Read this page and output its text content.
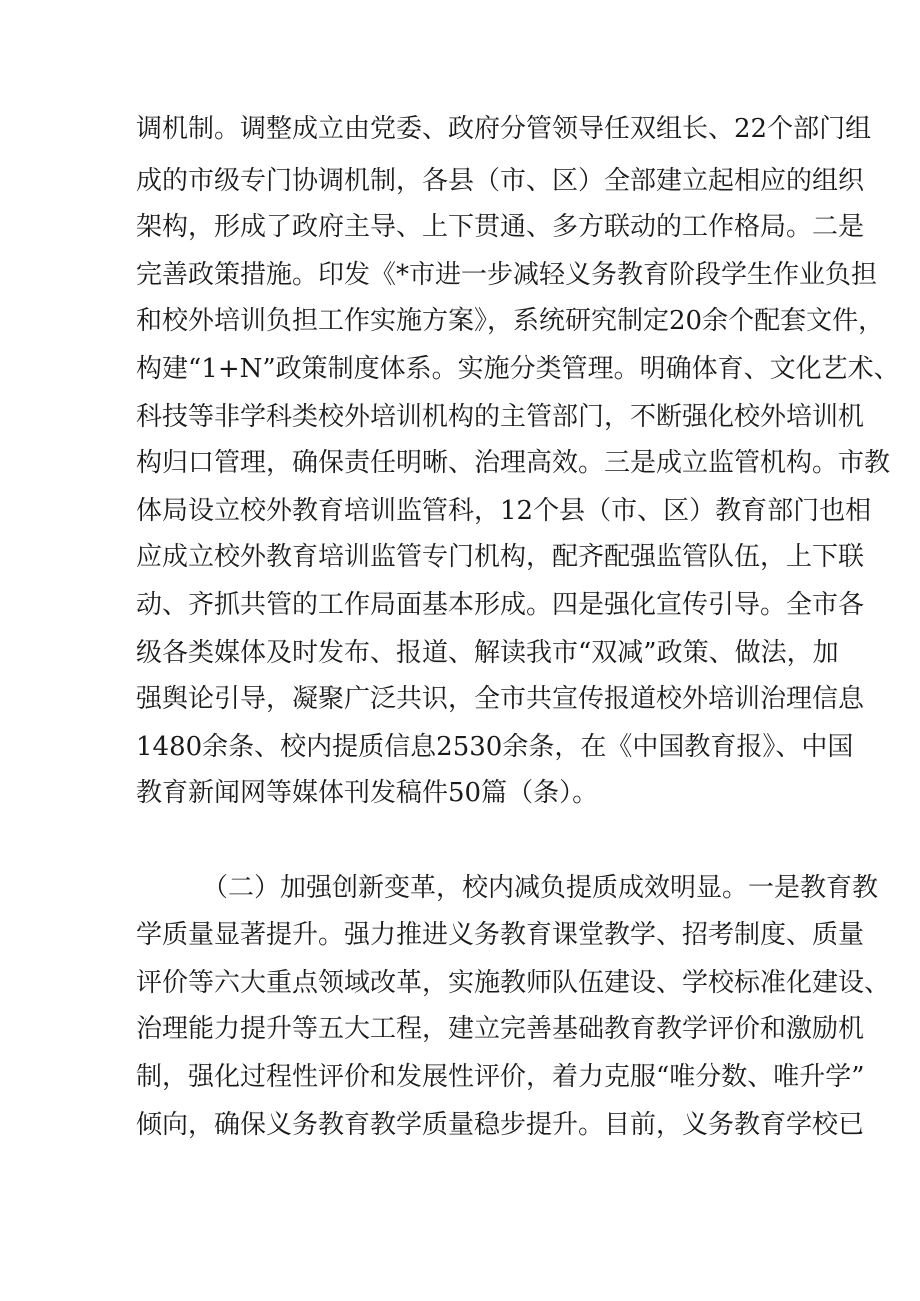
调机制。调整成立由党委、政府分管领导任双组长、22个部门组
成的市级专门协调机制，各县（市、区）全部建立起相应的组织
架构，形成了政府主导、上下贯通、多方联动的工作格局。二是
完善政策措施。印发《*市进一步减轻义务教育阶段学生作业负担
和校外培训负担工作实施方案》，系统研究制定20余个配套文件，
构建“1+N”政策制度体系。实施分类管理。明确体育、文化艺术、
科技等非学科类校外培训机构的主管部门，不断强化校外培训机
构归口管理，确保责任明晰、治理高效。三是成立监管机构。市教
体局设立校外教育培训监管科，12个县（市、区）教育部门也相
应成立校外教育培训监管专门机构，配齐配强监管队伍，上下联
动、齐抓共管的工作局面基本形成。四是强化宣传引导。全市各
级各类媒体及时发布、报道、解读我市“双减”政策、做法，加
强舆论引导，凝聚广泛共识，全市共宣传报道校外培训治理信息
1480余条、校内提质信息2530余条，在《中国教育报》、中国
教育新闻网等媒体刊发稿件50篇（条）。
（二）加强创新变革，校内减负提质成效明显。一是教育教
学质量显著提升。强力推进义务教育课堂教学、招考制度、质量
评价等六大重点领域改革，实施教师队伍建设、学校标准化建设、
治理能力提升等五大工程，建立完善基础教育教学评价和激励机
制，强化过程性评价和发展性评价，着力克服“唯分数、唯升学”
倾向，确保义务教育教学质量稳步提升。目前，义务教育学校已
